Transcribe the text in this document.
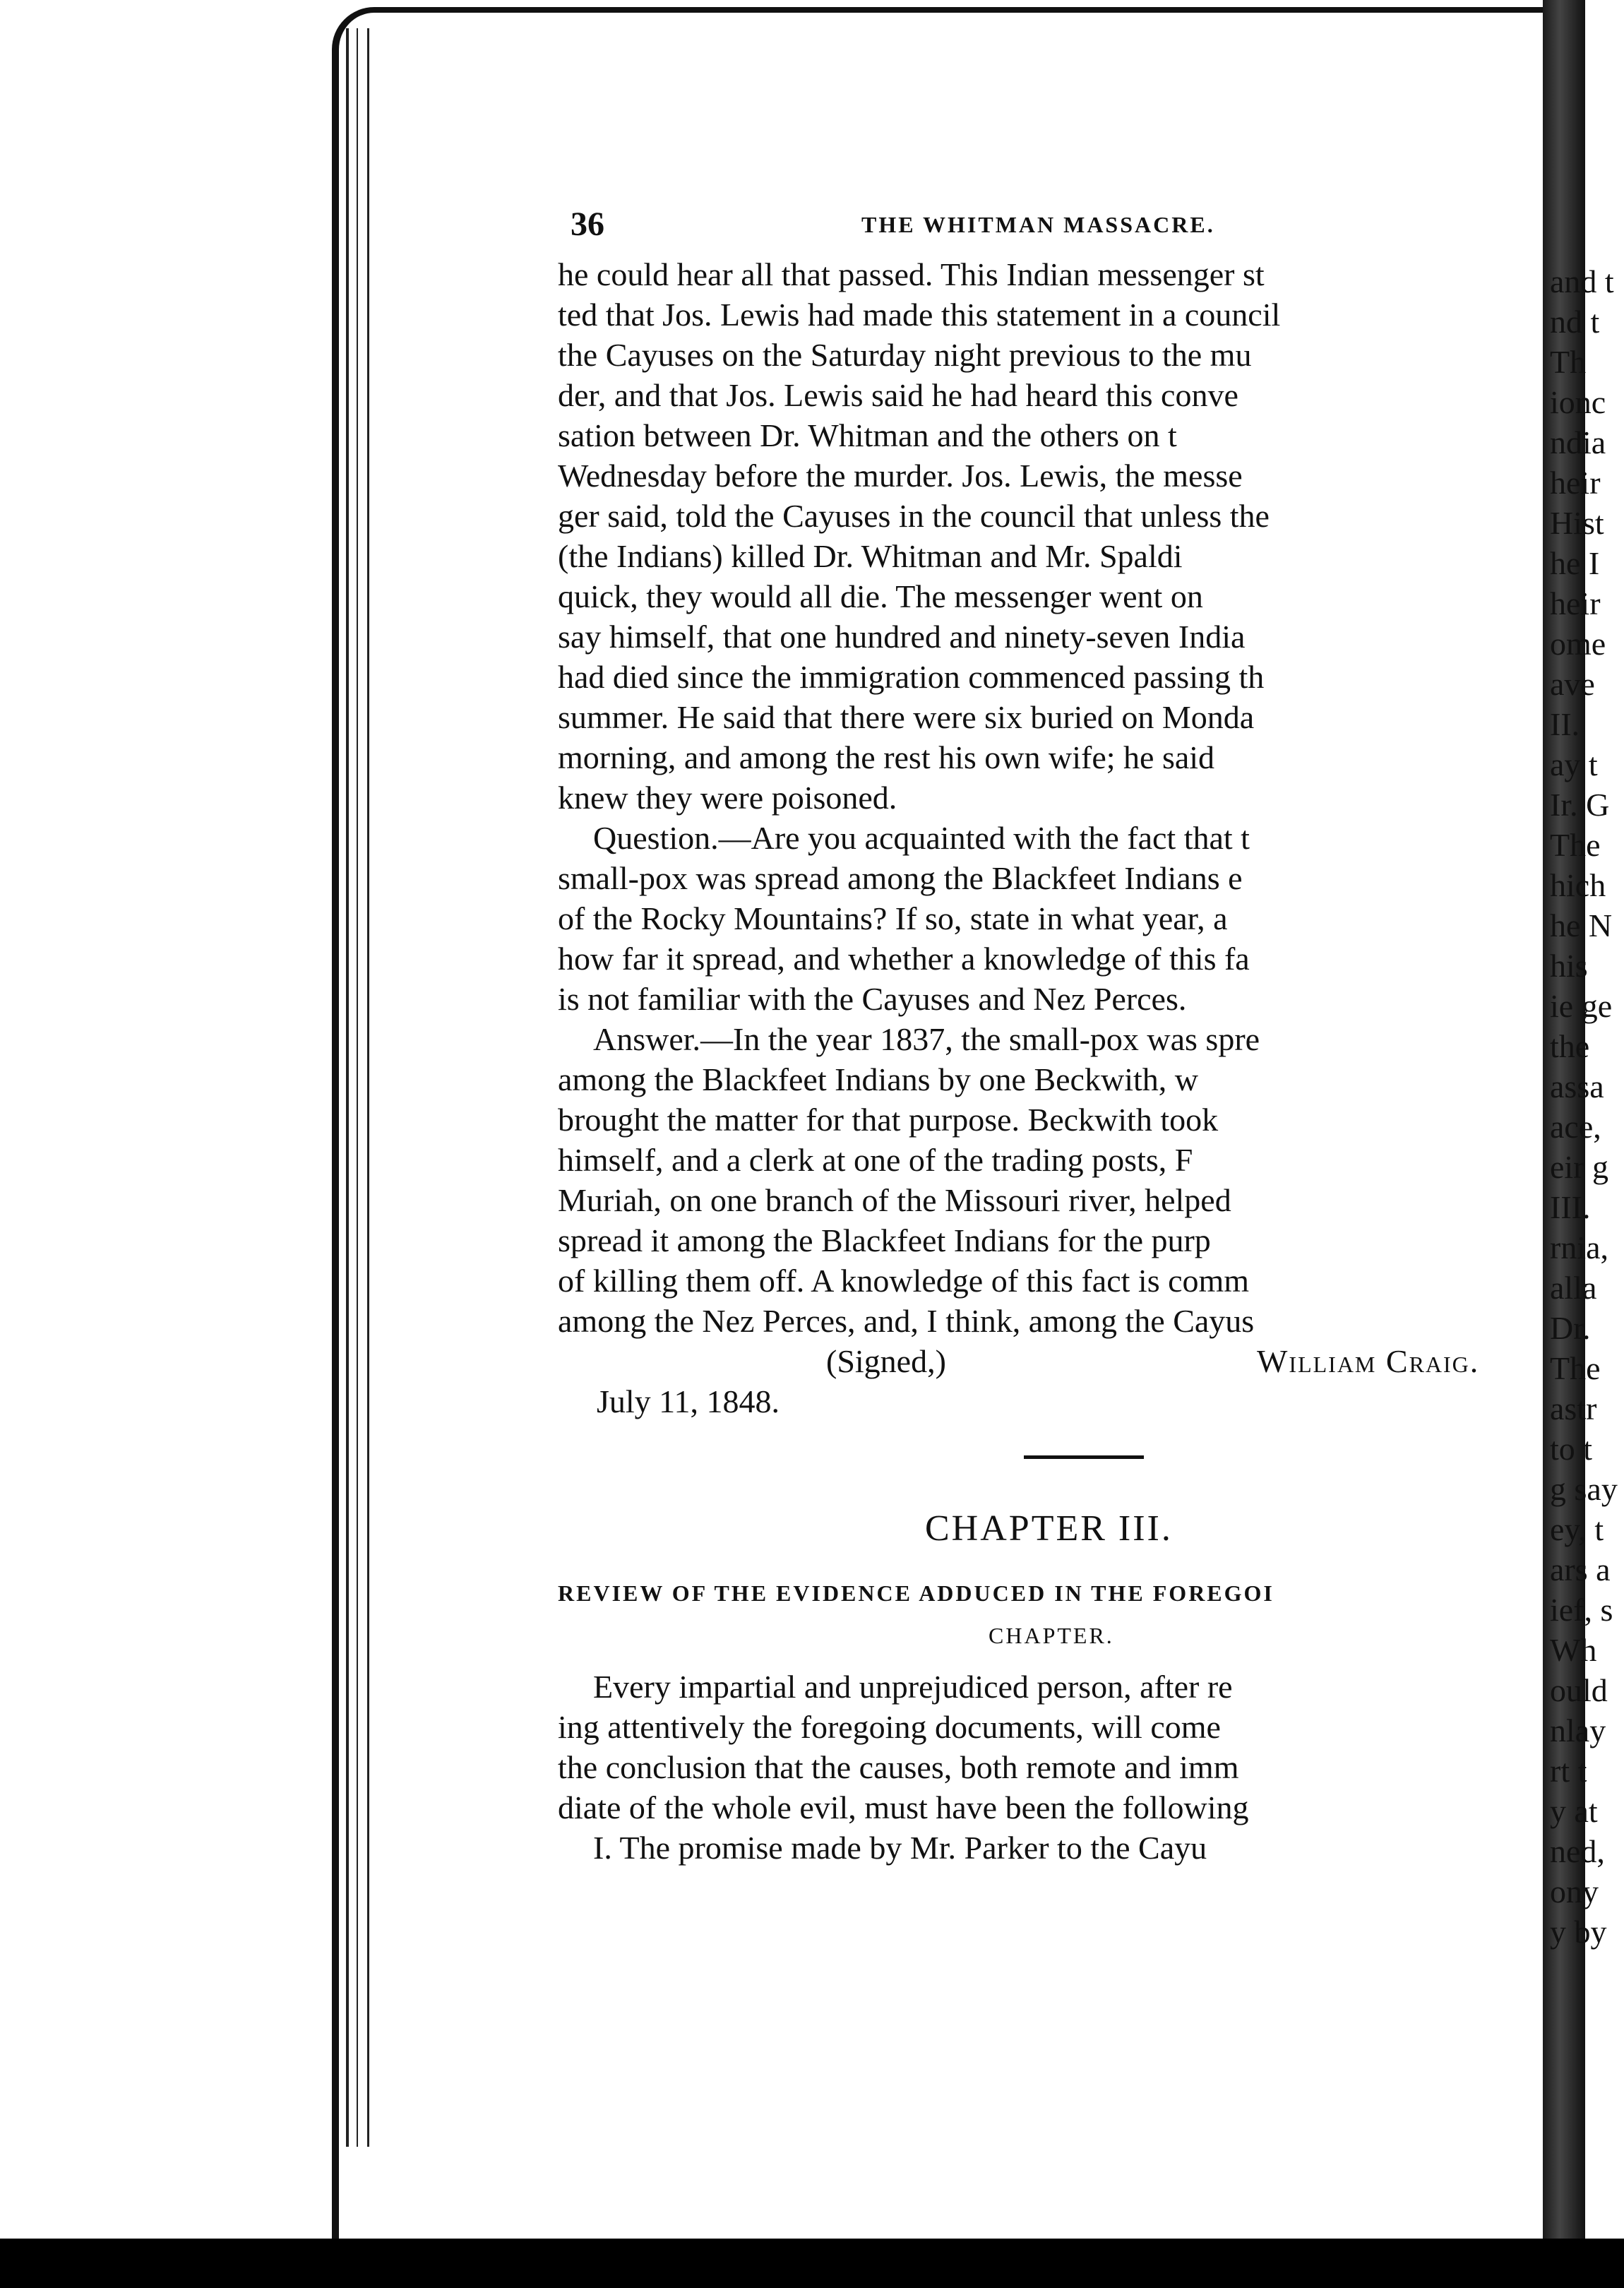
36	THE WHITMAN MASSACRE.
he could hear all that passed. This Indian messenger st
ted that Jos. Lewis had made this statement in a council
the Cayuses on the Saturday night previous to the mu
der, and that Jos. Lewis said he had heard this conve
sation between Dr. Whitman and the others on t
Wednesday before the murder. Jos. Lewis, the messe
ger said, told the Cayuses in the council that unless the
(the Indians) killed Dr. Whitman and Mr. Spaldi
quick, they would all die. The messenger went on
say himself, that one hundred and ninety-seven India
had died since the immigration commenced passing th
summer. He said that there were six buried on Monda
morning, and among the rest his own wife; he said
knew they were poisoned.
Question.—Are you acquainted with the fact that t
small-pox was spread among the Blackfeet Indians e
of the Rocky Mountains? If so, state in what year, a
how far it spread, and whether a knowledge of this fa
is not familiar with the Cayuses and Nez Perces.
Answer.—In the year 1837, the small-pox was spre
among the Blackfeet Indians by one Beckwith, w
brought the matter for that purpose. Beckwith took
himself, and a clerk at one of the trading posts, F
Muriah, on one branch of the Missouri river, helped
spread it among the Blackfeet Indians for the purp
of killing them off. A knowledge of this fact is comm
among the Nez Perces, and, I think, among the Cayus
(Signed,)	William Craig.
July 11, 1848.
CHAPTER III.
REVIEW OF THE EVIDENCE ADDUCED IN THE FOREGOI
CHAPTER.
Every impartial and unprejudiced person, after re
ing attentively the foregoing documents, will come
the conclusion that the causes, both remote and imm
diate of the whole evil, must have been the following
I. The promise made by Mr. Parker to the Cayu
and t
nd t
Th
ionc
ndia
heir
Hist
he I
heir
ome
ave
II.
ay t
Ir. G
The
hich
he N
his
ie ge
the
assa
ace,
eir g
III.
rnia,
alla
Dr.
The
astr
to t
g say
ey, t
ars a
ief, s
Wh
ould
nlay
rt t
y at
ned,
ony
y by
